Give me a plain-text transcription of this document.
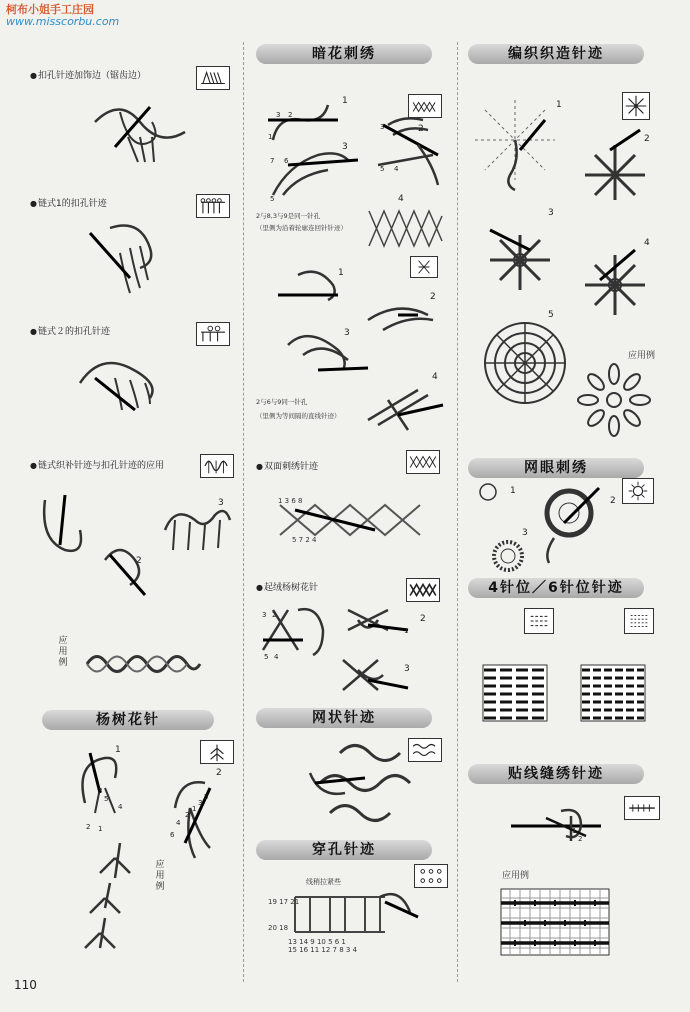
柯布小姐手工庄园
www.misscorbu.com
● 扣孔针迹加饰边（锯齿边）
● 链式1的扣孔针迹
● 链式２的扣孔针迹
● 链式织补针迹与扣孔针迹的应用
3
2
应用例
杨树花针
1
2
3
5
2 1
4
6
4
2
1
3
5
应用例
110
暗花刺绣
1
2
3
4
3 2
1
7 6
5
3
5 4
2与8,3与9是同一针孔
（里侧为沿着轮廓连回针针迹）
1
2
3
4
2与6与9同一针孔
（里侧为等间隔的直线针迹）
● 双面刺绣针迹
1 3 6 8
5 7 2 4
● 起绒杨树花针
3 2
5 4
1
2
3
网状针迹
穿孔针迹
线稍拉紧些
19 17 21
20 18
13 14 9 10 5 6 1
15 16 11 12 7 8 3 4
编织织造针迹
1
2
3
4
5
应用例
网眼刺绣
1
2
3
4针位／6针位针迹
贴线缝绣针迹
1
2
应用例
